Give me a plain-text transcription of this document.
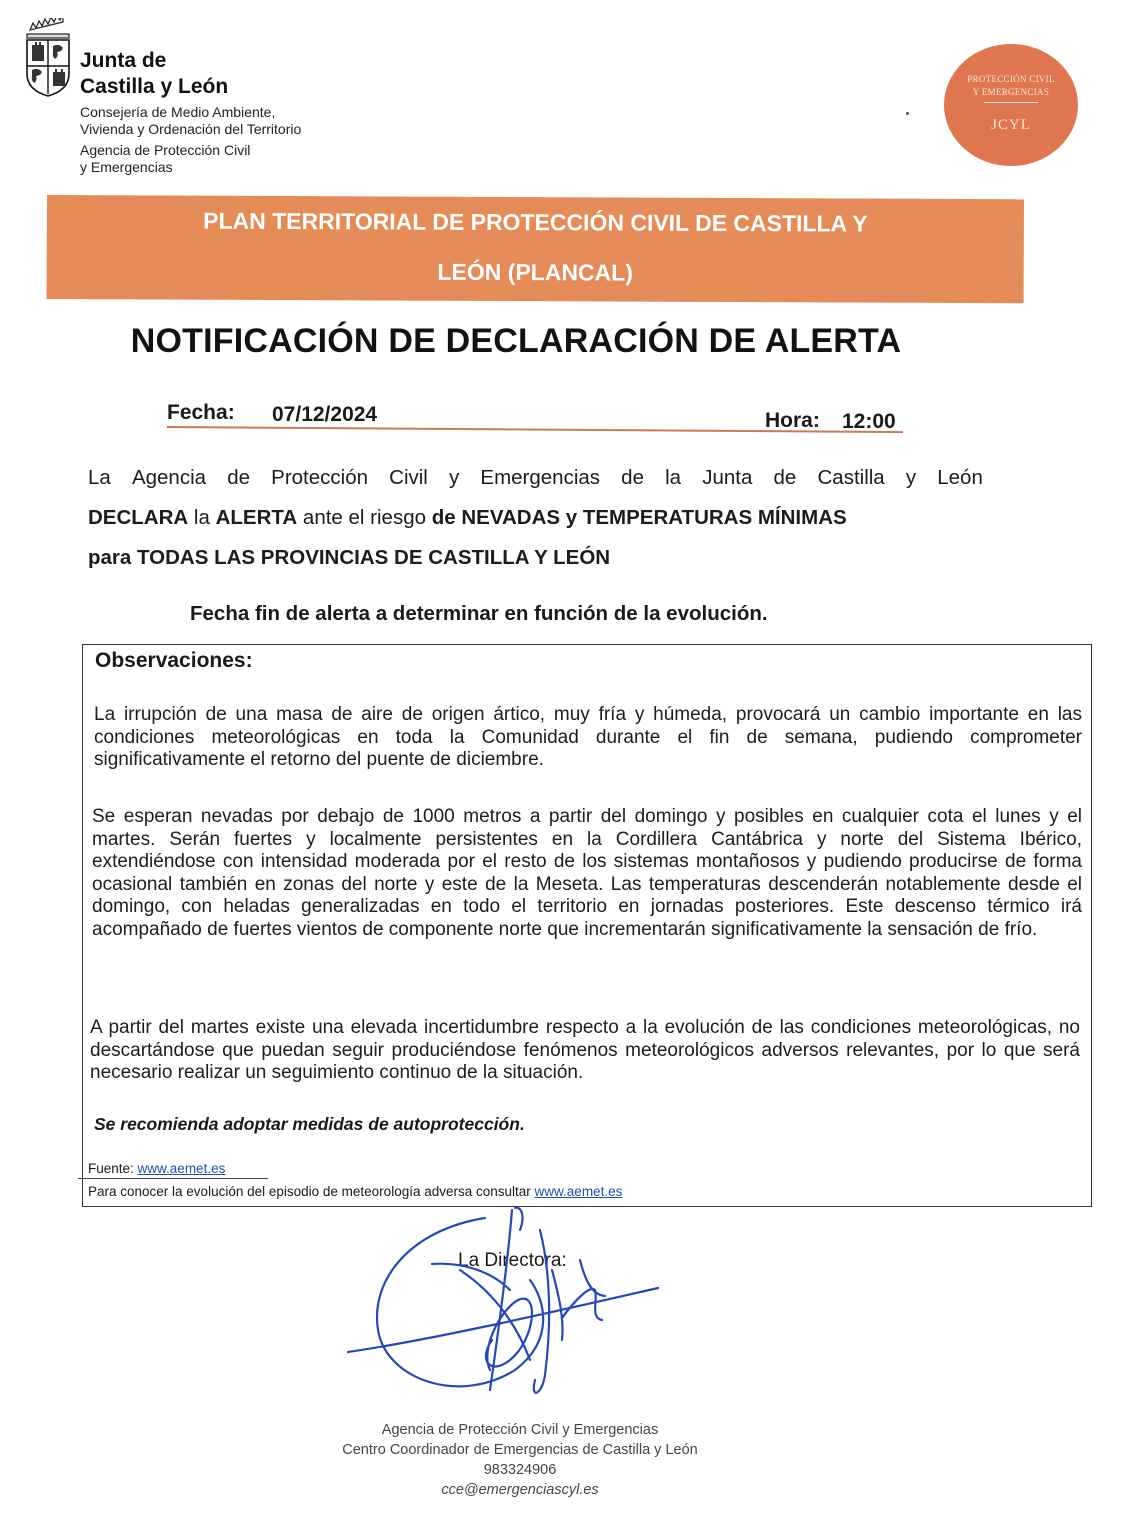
Junta de
Castilla y León
Consejería de Medio Ambiente,
Vivienda y Ordenación del Territorio
Agencia de Protección Civil
y Emergencias
PROTECCIÓN CIVIL
Y EMERGENCIAS
JCYL
PLAN TERRITORIAL DE PROTECCIÓN CIVIL DE CASTILLA Y
LEÓN (PLANCAL)
NOTIFICACIÓN DE DECLARACIÓN DE ALERTA
Fecha: 07/12/2024	Hora: 12:00
La Agencia de Protección Civil y Emergencias de la Junta de Castilla y León
DECLARA la ALERTA ante el riesgo de NEVADAS y TEMPERATURAS MÍNIMAS
para TODAS LAS PROVINCIAS DE CASTILLA Y LEÓN
Fecha fin de alerta a determinar en función de la evolución.
Observaciones:
La irrupción de una masa de aire de origen ártico, muy fría y húmeda, provocará un cambio importante en las condiciones meteorológicas en toda la Comunidad durante el fin de semana, pudiendo comprometer significativamente el retorno del puente de diciembre.
Se esperan nevadas por debajo de 1000 metros a partir del domingo y posibles en cualquier cota el lunes y el martes. Serán fuertes y localmente persistentes en la Cordillera Cantábrica y norte del Sistema Ibérico, extendiéndose con intensidad moderada por el resto de los sistemas montañosos y pudiendo producirse de forma ocasional también en zonas del norte y este de la Meseta. Las temperaturas descenderán notablemente desde el domingo, con heladas generalizadas en todo el territorio en jornadas posteriores. Este descenso térmico irá acompañado de fuertes vientos de componente norte que incrementarán significativamente la sensación de frío.
A partir del martes existe una elevada incertidumbre respecto a la evolución de las condiciones meteorológicas, no descartándose que puedan seguir produciéndose fenómenos meteorológicos adversos relevantes, por lo que será necesario realizar un seguimiento continuo de la situación.
Se recomienda adoptar medidas de autoprotección.
Fuente: www.aemet.es
Para conocer la evolución del episodio de meteorología adversa consultar www.aemet.es
La Directora:
Agencia de Protección Civil y Emergencias
Centro Coordinador de Emergencias de Castilla y León
983324906
cce@emergenciascyl.es
